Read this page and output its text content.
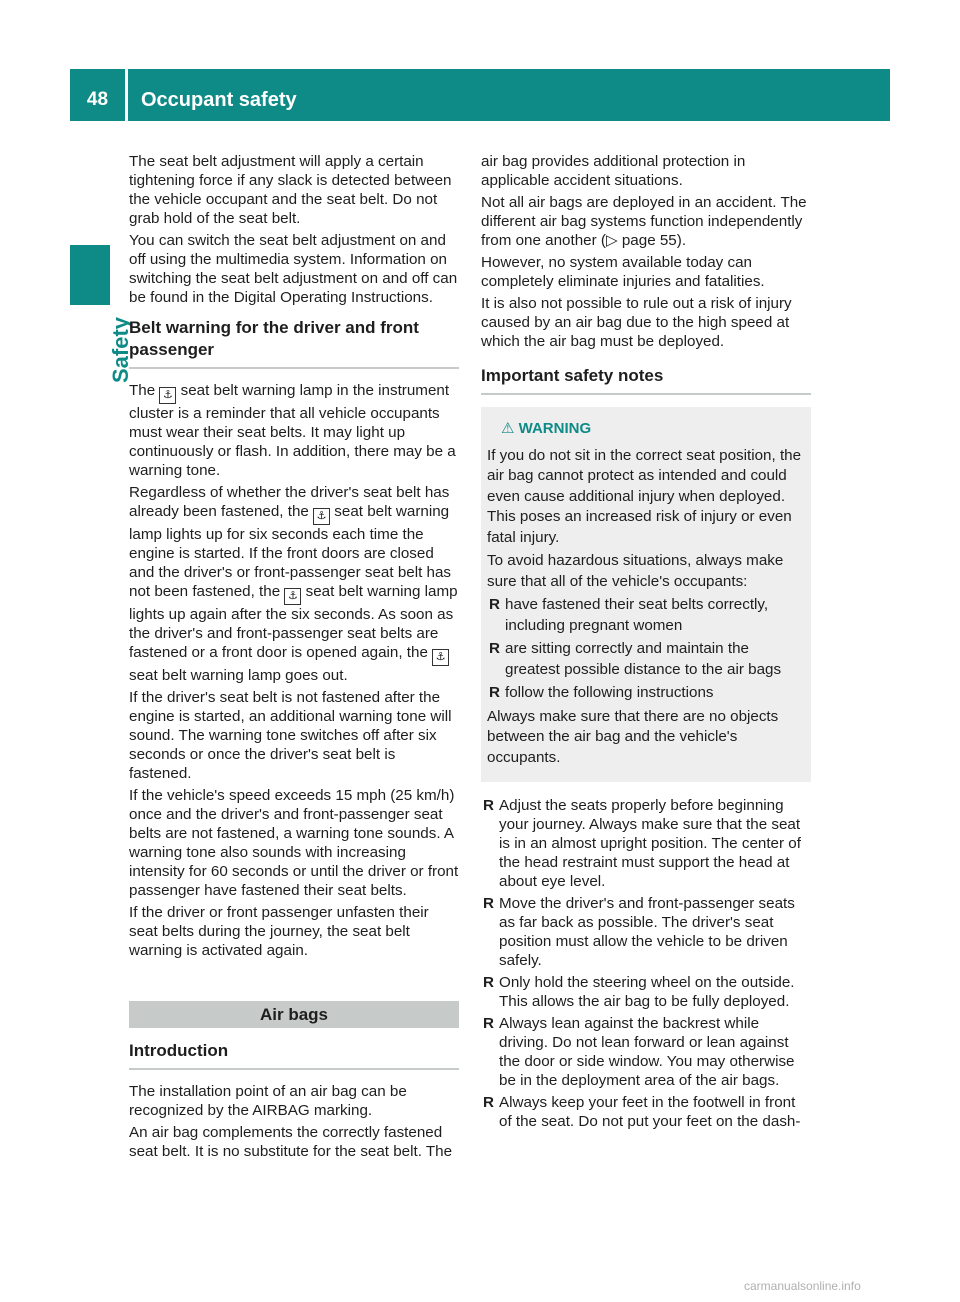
48	Occupant safety
Safety

The seat belt adjustment will apply a certain tightening force if any slack is detected between the vehicle occupant and the seat belt. Do not grab hold of the seat belt.

You can switch the seat belt adjustment on and off using the multimedia system. Information on switching the seat belt adjustment on and off can be found in the Digital Operating Instructions.

Belt warning for the driver and front passenger

The ⚓ seat belt warning lamp in the instrument cluster is a reminder that all vehicle occupants must wear their seat belts. It may light up continuously or flash. In addition, there may be a warning tone.

Regardless of whether the driver's seat belt has already been fastened, the ⚓ seat belt warning lamp lights up for six seconds each time the engine is started. If the front doors are closed and the driver's or front-passenger seat belt has not been fastened, the ⚓ seat belt warning lamp lights up again after the six seconds. As soon as the driver's and front-passenger seat belts are fastened or a front door is opened again, the ⚓ seat belt warning lamp goes out.

If the driver's seat belt is not fastened after the engine is started, an additional warning tone will sound. The warning tone switches off after six seconds or once the driver's seat belt is fastened.

If the vehicle's speed exceeds 15 mph (25 km/h) once and the driver's and front-passenger seat belts are not fastened, a warning tone sounds. A warning tone also sounds with increasing intensity for 60 seconds or until the driver or front passenger have fastened their seat belts.

If the driver or front passenger unfasten their seat belts during the journey, the seat belt warning is activated again.

Air bags
Introduction

The installation point of an air bag can be recognized by the AIRBAG marking.

An air bag complements the correctly fastened seat belt. It is no substitute for the seat belt. The

air bag provides additional protection in applicable accident situations.

Not all air bags are deployed in an accident. The different air bag systems function independently from one another (▷ page 55).

However, no system available today can completely eliminate injuries and fatalities.

It is also not possible to rule out a risk of injury caused by an air bag due to the high speed at which the air bag must be deployed.

Important safety notes
⚠ WARNING

If you do not sit in the correct seat position, the air bag cannot protect as intended and could even cause additional injury when deployed. This poses an increased risk of injury or even fatal injury.

To avoid hazardous situations, always make sure that all of the vehicle's occupants:

R have fastened their seat belts correctly, including pregnant women
R are sitting correctly and maintain the greatest possible distance to the air bags
R follow the following instructions

Always make sure that there are no objects between the air bag and the vehicle's occupants.

R Adjust the seats properly before beginning your journey. Always make sure that the seat is in an almost upright position. The center of the head restraint must support the head at about eye level.
R Move the driver's and front-passenger seats as far back as possible. The driver's seat position must allow the vehicle to be driven safely.
R Only hold the steering wheel on the outside. This allows the air bag to be fully deployed.
R Always lean against the backrest while driving. Do not lean forward or lean against the door or side window. You may otherwise be in the deployment area of the air bags.
R Always keep your feet in the footwell in front of the seat. Do not put your feet on the dash-
carmanualsonline.info
